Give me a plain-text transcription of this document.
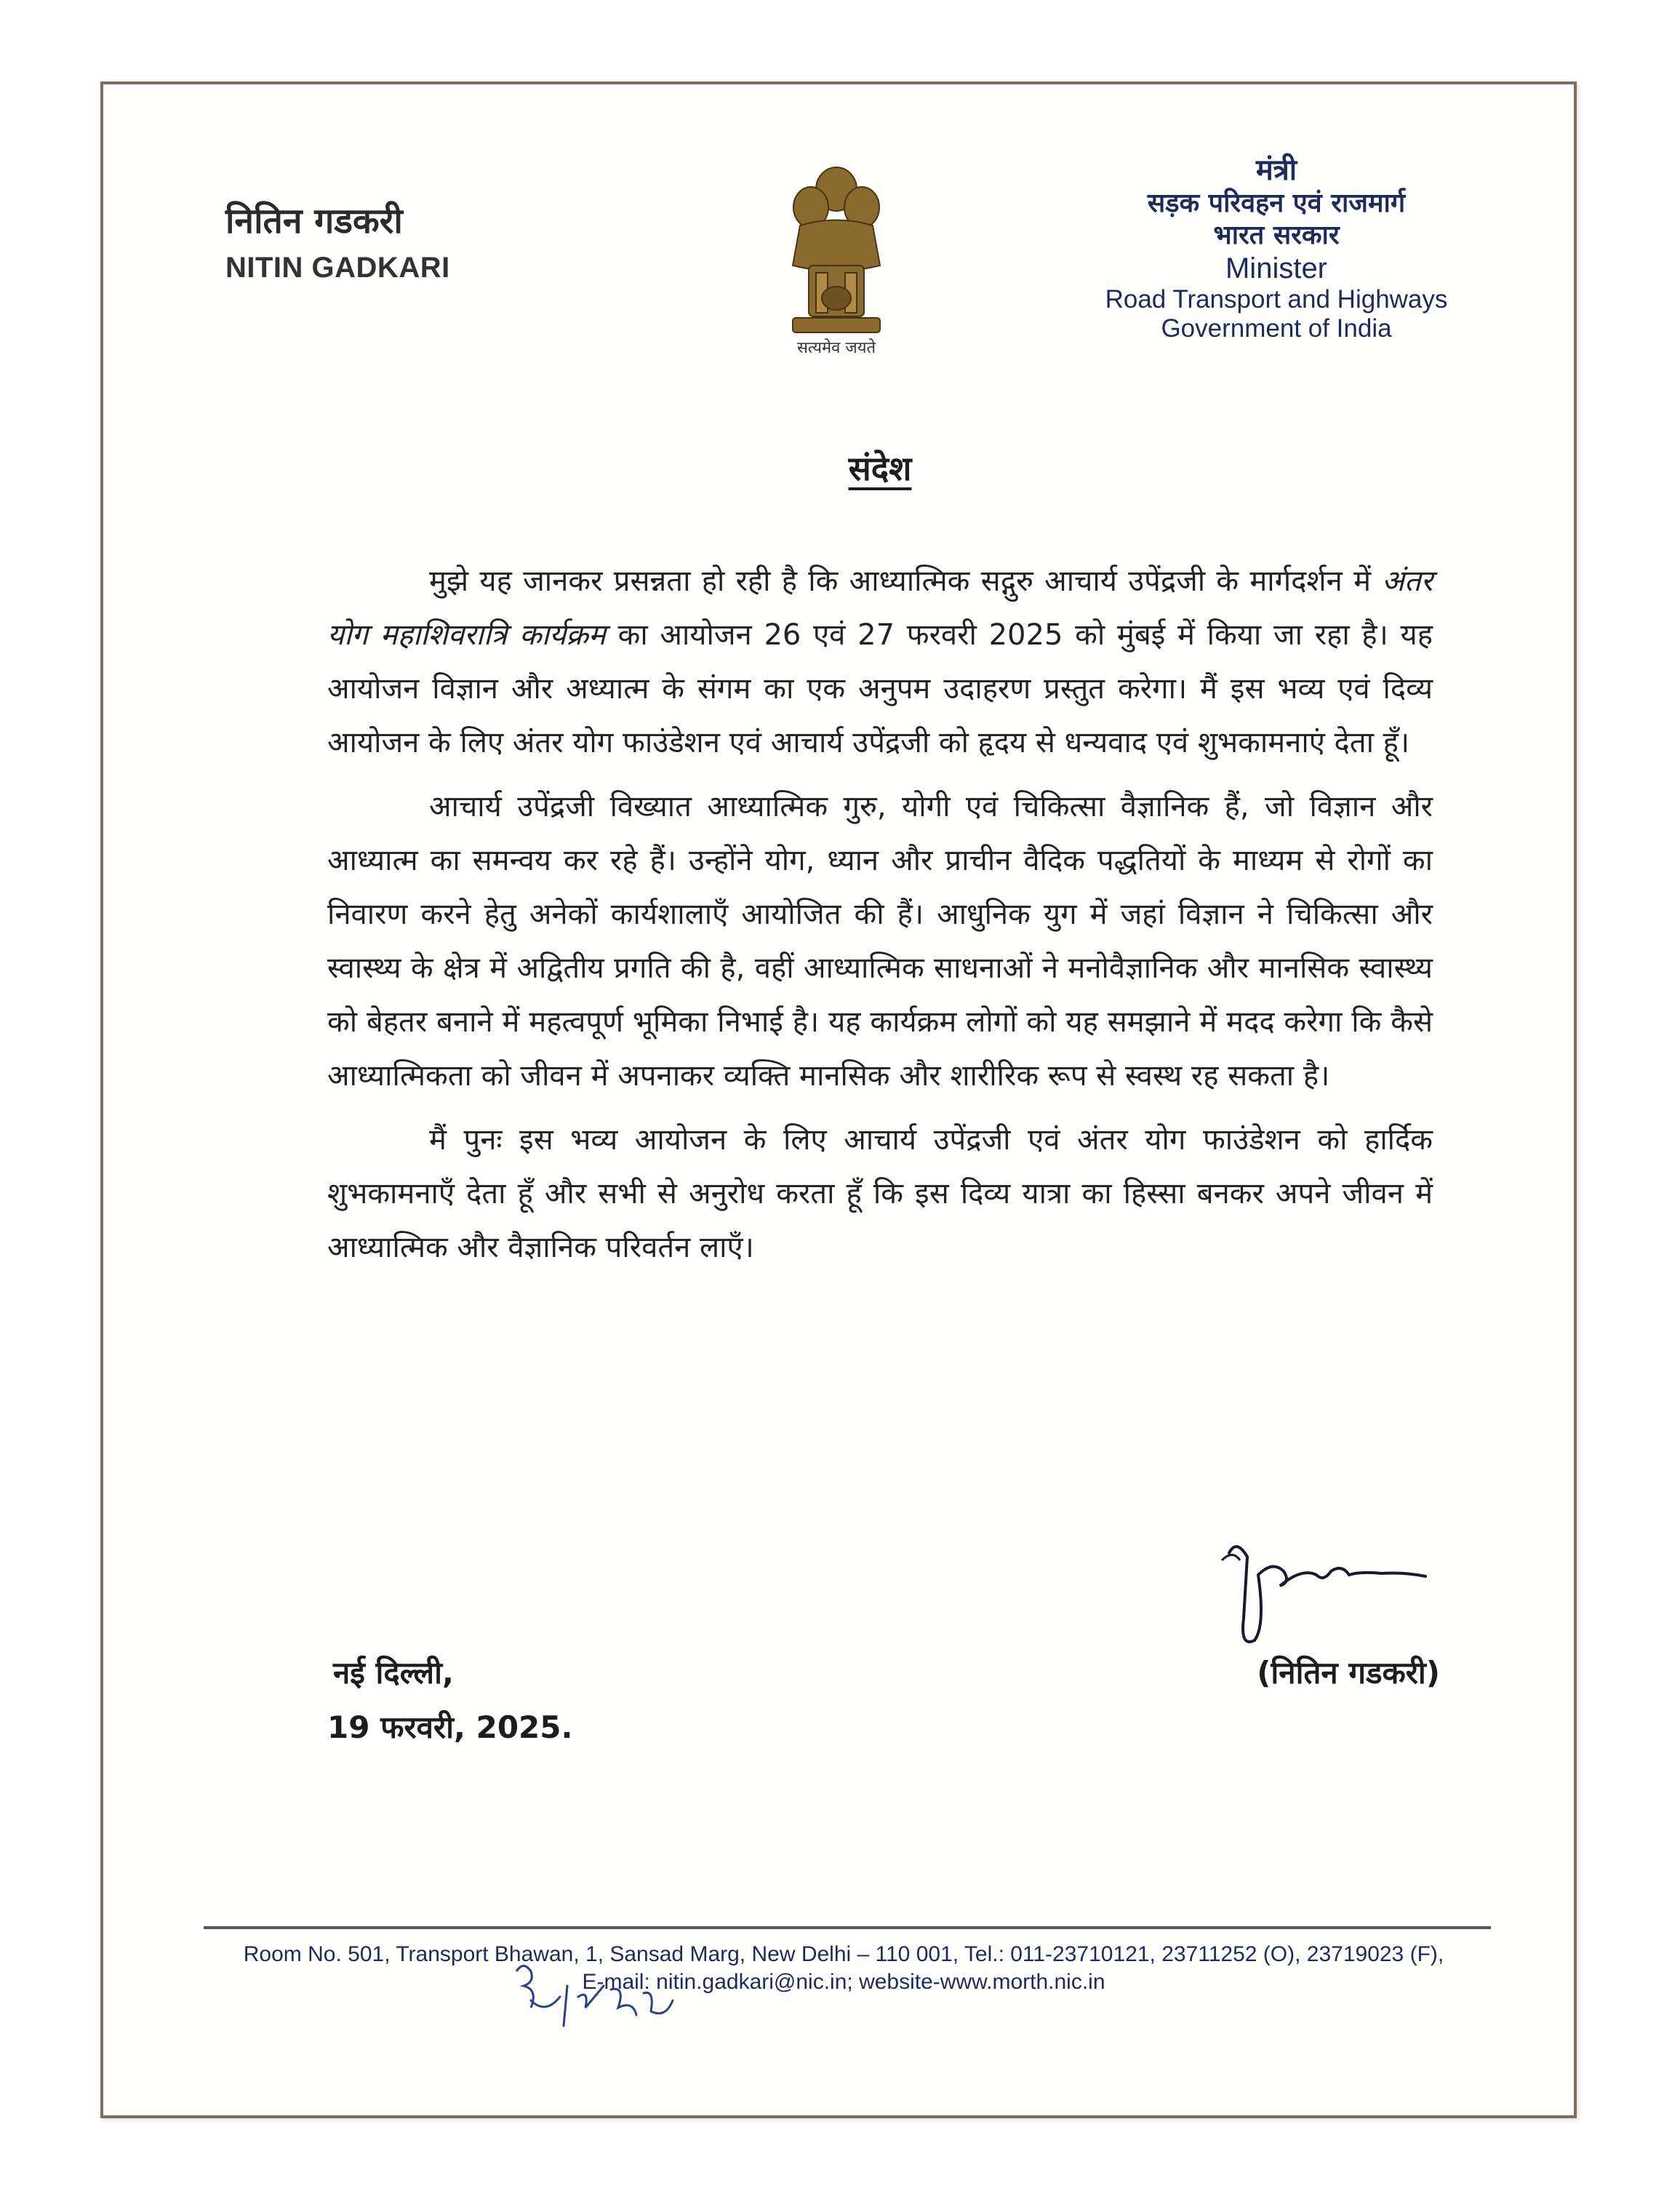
नितिन गडकरी
NITIN GADKARI
सत्यमेव जयते
मंत्री
सड़क परिवहन एवं राजमार्ग
भारत सरकार
Minister
Road Transport and Highways
Government of India
संदेश

मुझे यह जानकर प्रसन्नता हो रही है कि आध्यात्मिक सद्गुरु आचार्य उपेंद्रजी के मार्गदर्शन में अंतर योग महाशिवरात्रि कार्यक्रम का आयोजन 26 एवं 27 फरवरी 2025 को मुंबई में किया जा रहा है। यह आयोजन विज्ञान और अध्यात्म के संगम का एक अनुपम उदाहरण प्रस्तुत करेगा। मैं इस भव्य एवं दिव्य आयोजन के लिए अंतर योग फाउंडेशन एवं आचार्य उपेंद्रजी को हृदय से धन्यवाद एवं शुभकामनाएं देता हूँ।

आचार्य उपेंद्रजी विख्यात आध्यात्मिक गुरु, योगी एवं चिकित्सा वैज्ञानिक हैं, जो विज्ञान और आध्यात्म का समन्वय कर रहे हैं। उन्होंने योग, ध्यान और प्राचीन वैदिक पद्धतियों के माध्यम से रोगों का निवारण करने हेतु अनेकों कार्यशालाएँ आयोजित की हैं। आधुनिक युग में जहां विज्ञान ने चिकित्सा और स्वास्थ्य के क्षेत्र में अद्वितीय प्रगति की है, वहीं आध्यात्मिक साधनाओं ने मनोवैज्ञानिक और मानसिक स्वास्थ्य को बेहतर बनाने में महत्वपूर्ण भूमिका निभाई है। यह कार्यक्रम लोगों को यह समझाने में मदद करेगा कि कैसे आध्यात्मिकता को जीवन में अपनाकर व्यक्ति मानसिक और शारीरिक रूप से स्वस्थ रह सकता है।

मैं पुनः इस भव्य आयोजन के लिए आचार्य उपेंद्रजी एवं अंतर योग फाउंडेशन को हार्दिक शुभकामनाएँ देता हूँ और सभी से अनुरोध करता हूँ कि इस दिव्य यात्रा का हिस्सा बनकर अपने जीवन में आध्यात्मिक और वैज्ञानिक परिवर्तन लाएँ।

(नितिन गडकरी)
नई दिल्ली,
19 फरवरी, 2025.
Room No. 501, Transport Bhawan, 1, Sansad Marg, New Delhi – 110 001, Tel.: 011-23710121, 23711252 (O), 23719023 (F),
E-mail: nitin.gadkari@nic.in; website-www.morth.nic.in
